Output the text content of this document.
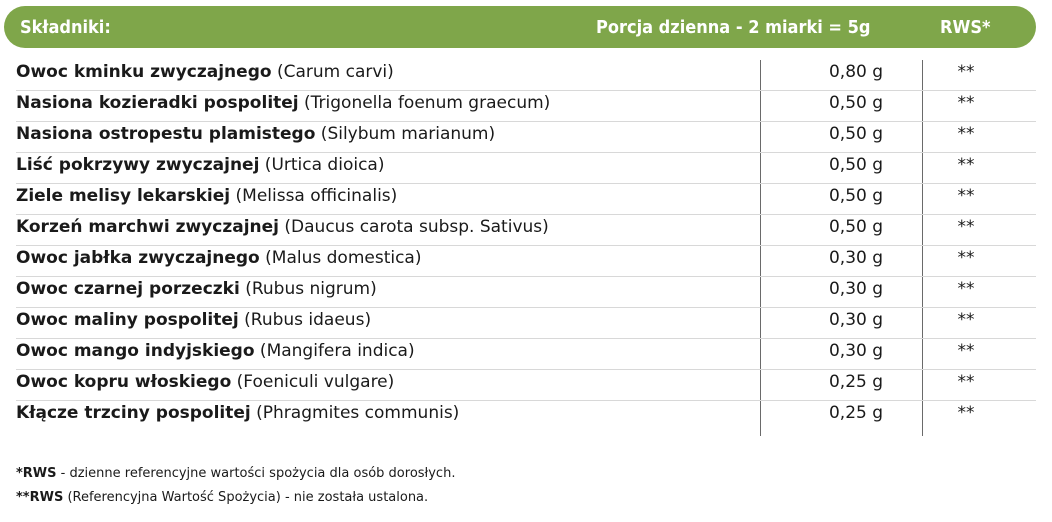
Składniki:	Porcja dzienna - 2 miarki = 5g	RWS*
Owoc kminku zwyczajnego (Carum carvi)	0,80 g	**
Nasiona kozieradki pospolitej (Trigonella foenum graecum)	0,50 g	**
Nasiona ostropestu plamistego (Silybum marianum)	0,50 g	**
Liść pokrzywy zwyczajnej (Urtica dioica)	0,50 g	**
Ziele melisy lekarskiej (Melissa officinalis)	0,50 g	**
Korzeń marchwi zwyczajnej (Daucus carota subsp. Sativus)	0,50 g	**
Owoc jabłka zwyczajnego (Malus domestica)	0,30 g	**
Owoc czarnej porzeczki (Rubus nigrum)	0,30 g	**
Owoc maliny pospolitej (Rubus idaeus)	0,30 g	**
Owoc mango indyjskiego (Mangifera indica)	0,30 g	**
Owoc kopru włoskiego (Foeniculi vulgare)	0,25 g	**
Kłącze trzciny pospolitej (Phragmites communis)	0,25 g	**
*RWS - dzienne referencyjne wartości spożycia dla osób dorosłych.
**RWS (Referencyjna Wartość Spożycia) - nie została ustalona.
